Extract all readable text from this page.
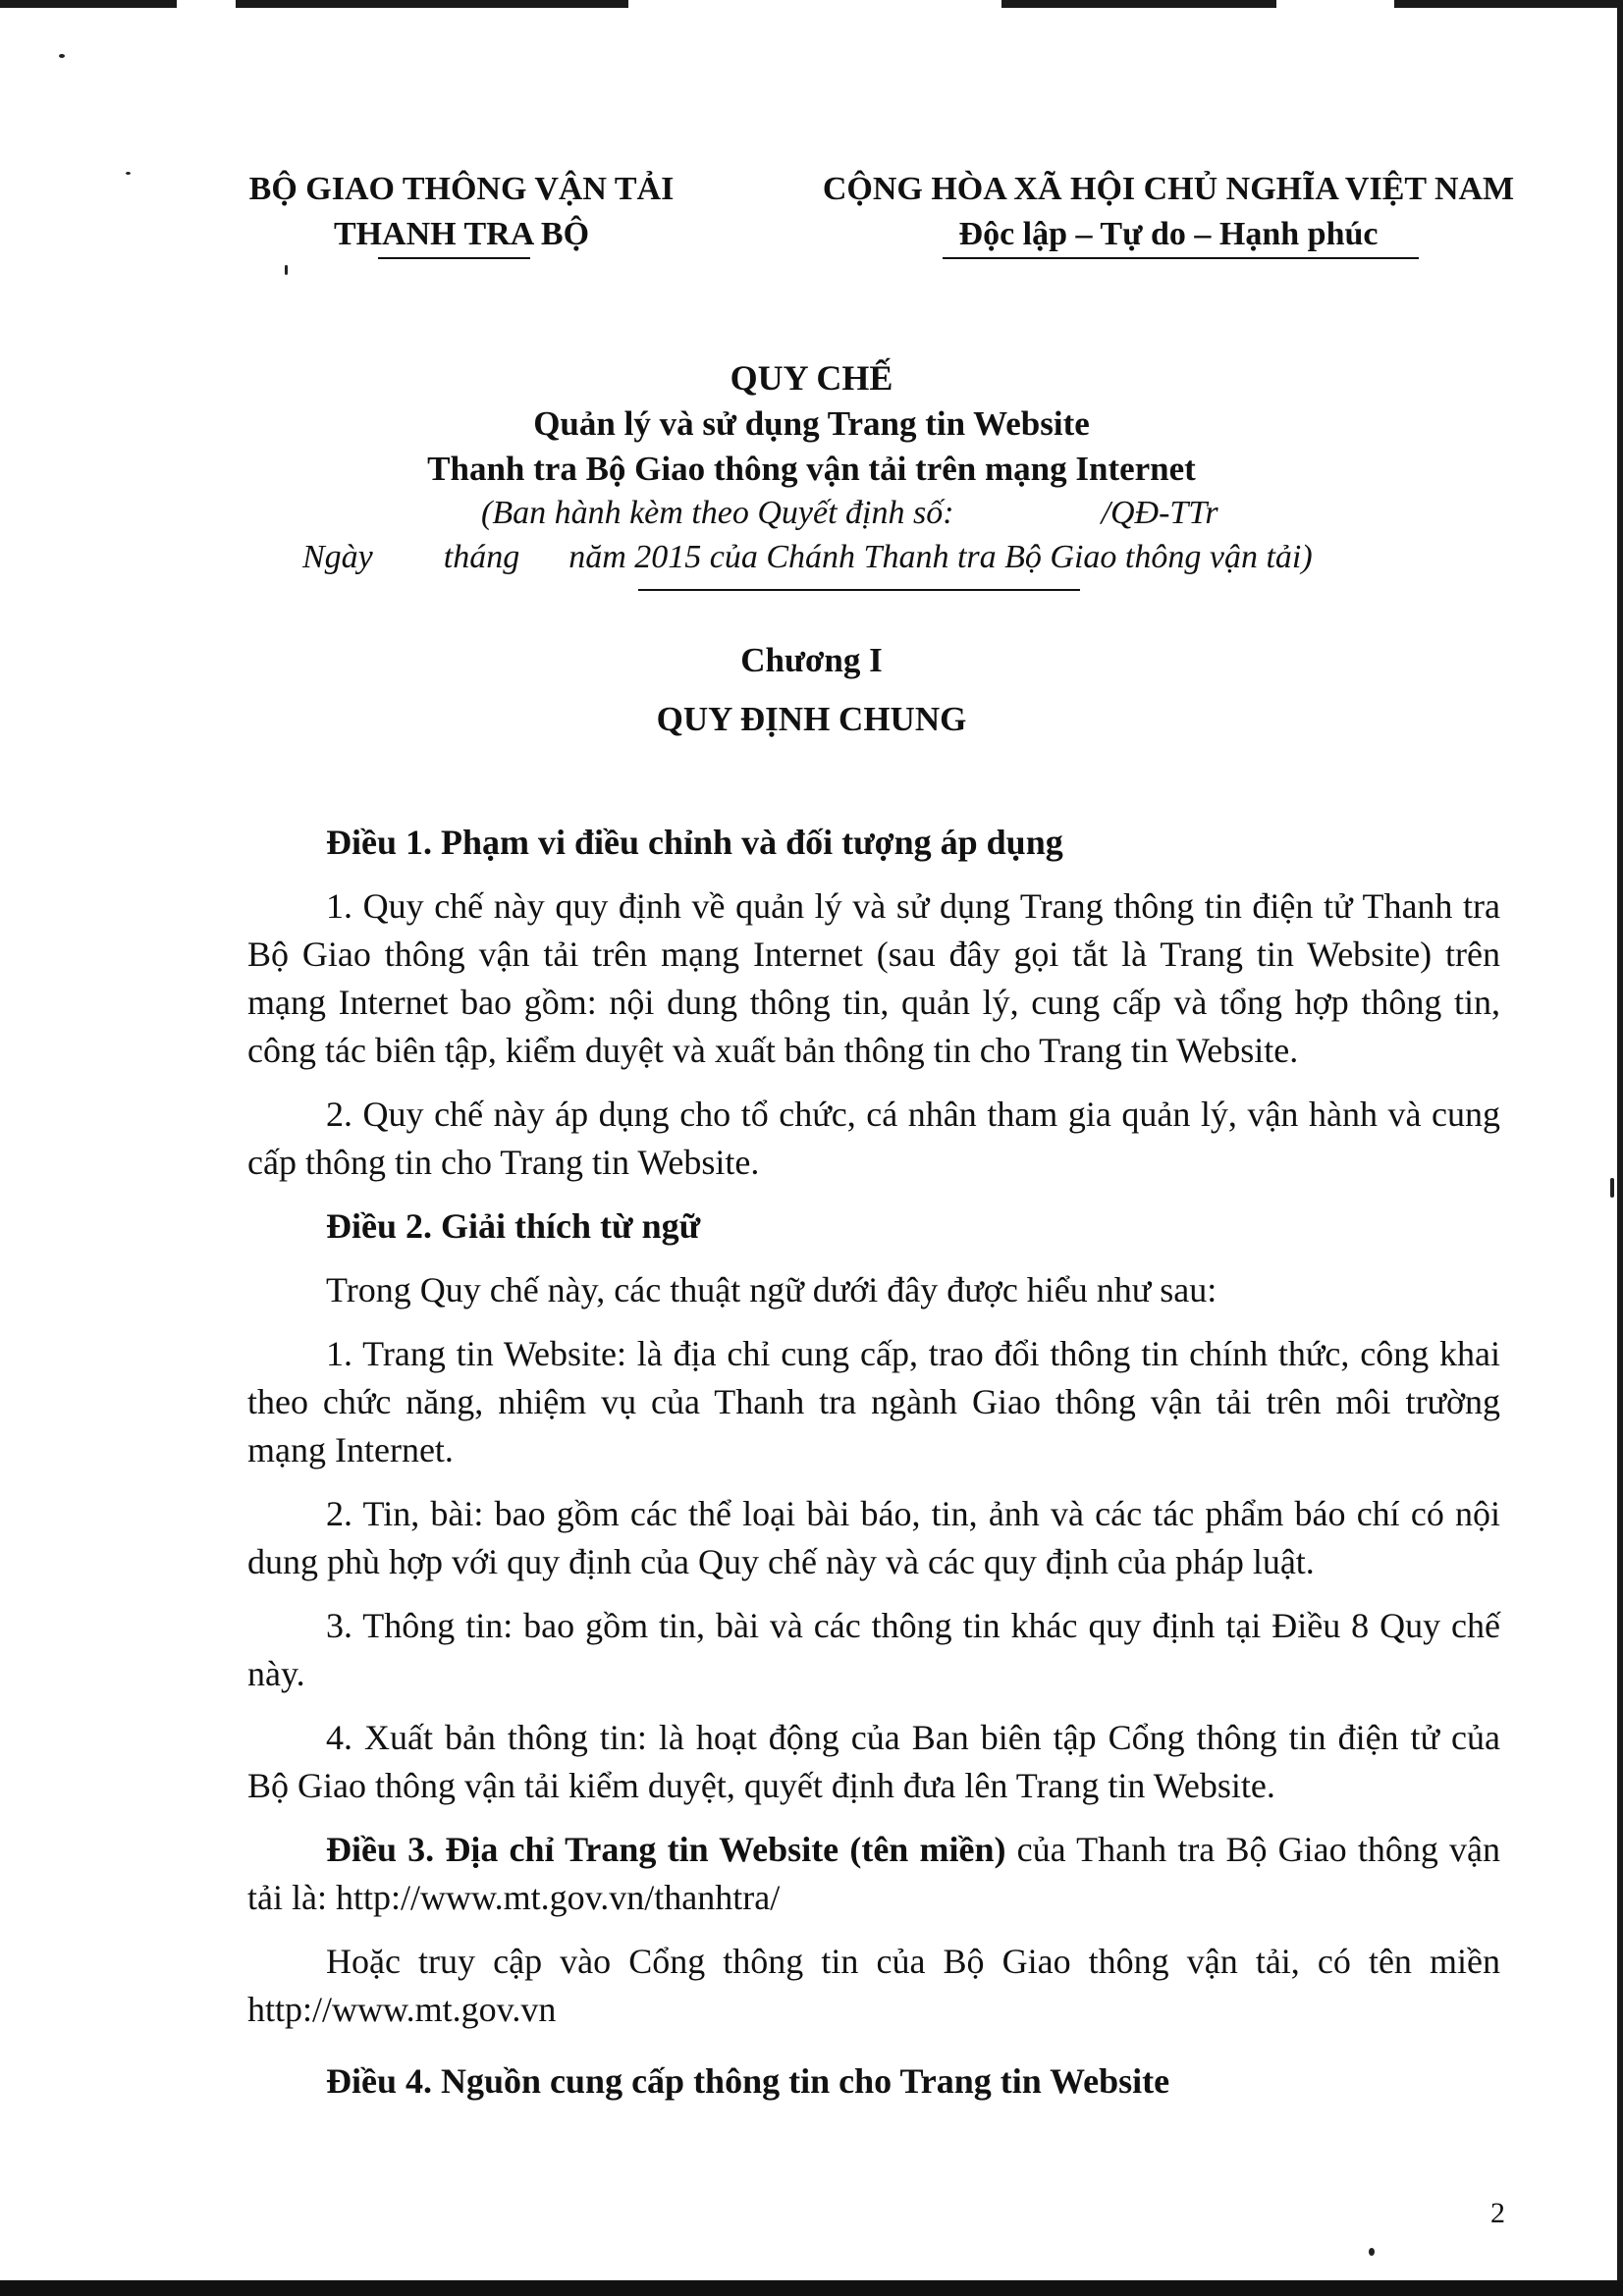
BỘ GIAO THÔNG VẬN TẢI
THANH TRA BỘ
CỘNG HÒA XÃ HỘI CHỦ NGHĨA VIỆT NAM
Độc lập – Tự do – Hạnh phúc
QUY CHẾ
Quản lý và sử dụng Trang tin Website
Thanh tra Bộ Giao thông vận tải trên mạng Internet
(Ban hành kèm theo Quyết định số:	/QĐ-TTr
Ngày tháng năm 2015 của Chánh Thanh tra Bộ Giao thông vận tải)
Chương I
QUY ĐỊNH CHUNG

Điều 1. Phạm vi điều chỉnh và đối tượng áp dụng

1. Quy chế này quy định về quản lý và sử dụng Trang thông tin điện tử Thanh tra Bộ Giao thông vận tải trên mạng Internet (sau đây gọi tắt là Trang tin Website) trên mạng Internet bao gồm: nội dung thông tin, quản lý, cung cấp và tổng hợp thông tin, công tác biên tập, kiểm duyệt và xuất bản thông tin cho Trang tin Website.

2. Quy chế này áp dụng cho tổ chức, cá nhân tham gia quản lý, vận hành và cung cấp thông tin cho Trang tin Website.

Điều 2. Giải thích từ ngữ

Trong Quy chế này, các thuật ngữ dưới đây được hiểu như sau:

1. Trang tin Website: là địa chỉ cung cấp, trao đổi thông tin chính thức, công khai theo chức năng, nhiệm vụ của Thanh tra ngành Giao thông vận tải trên môi trường mạng Internet.

2. Tin, bài: bao gồm các thể loại bài báo, tin, ảnh và các tác phẩm báo chí có nội dung phù hợp với quy định của Quy chế này và các quy định của pháp luật.

3. Thông tin: bao gồm tin, bài và các thông tin khác quy định tại Điều 8 Quy chế này.

4. Xuất bản thông tin: là hoạt động của Ban biên tập Cổng thông tin điện tử của Bộ Giao thông vận tải kiểm duyệt, quyết định đưa lên Trang tin Website.

Điều 3. Địa chỉ Trang tin Website (tên miền) của Thanh tra Bộ Giao thông vận tải là: http://www.mt.gov.vn/thanhtra/

Hoặc truy cập vào Cổng thông tin của Bộ Giao thông vận tải, có tên miền http://www.mt.gov.vn

Điều 4. Nguồn cung cấp thông tin cho Trang tin Website

2
